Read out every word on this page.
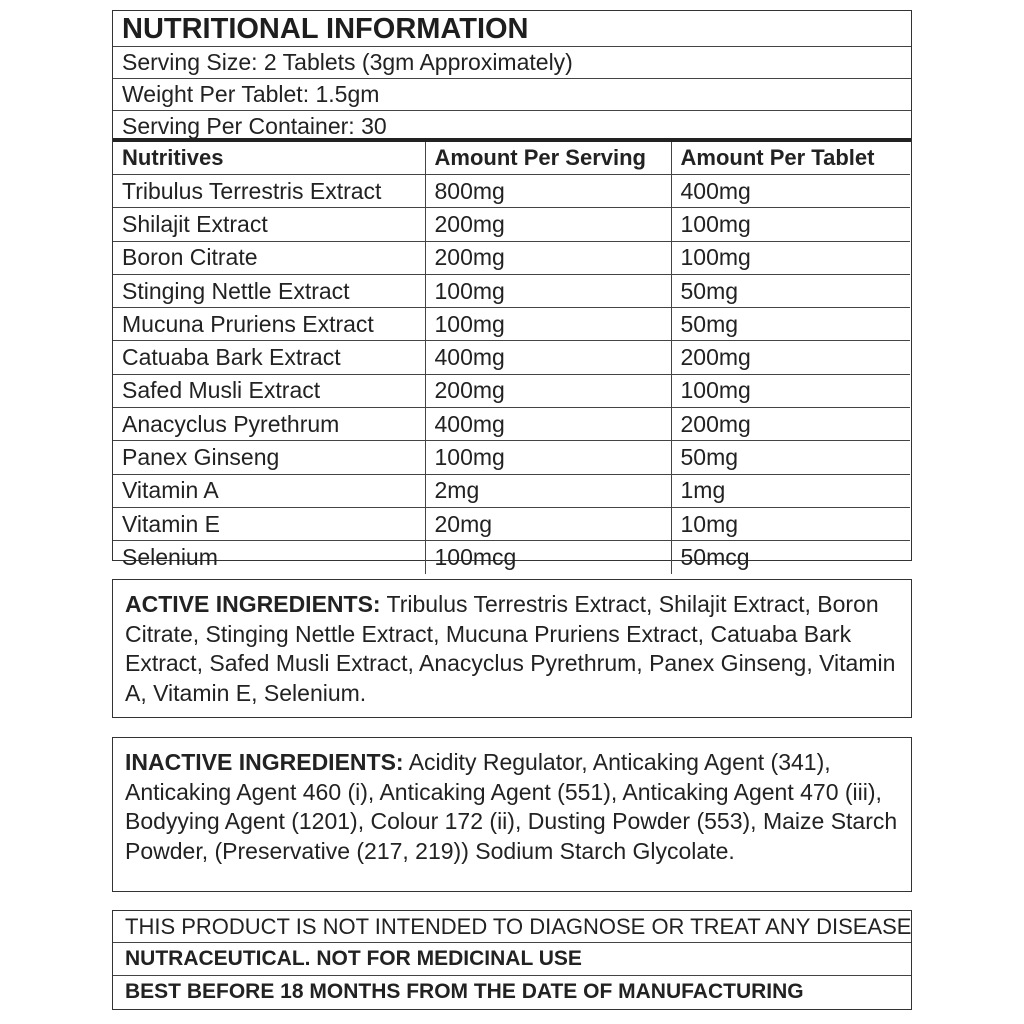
NUTRITIONAL INFORMATION
Serving Size: 2 Tablets (3gm Approximately)
Weight Per Tablet: 1.5gm
Serving Per Container: 30
Nutritives	Amount Per Serving	Amount Per Tablet
Tribulus Terrestris Extract	800mg	400mg
Shilajit Extract	200mg	100mg
Boron Citrate	200mg	100mg
Stinging Nettle Extract	100mg	50mg
Mucuna Pruriens Extract	100mg	50mg
Catuaba Bark Extract	400mg	200mg
Safed Musli Extract	200mg	100mg
Anacyclus Pyrethrum	400mg	200mg
Panex Ginseng	100mg	50mg
Vitamin A	2mg	1mg
Vitamin E	20mg	10mg
Selenium	100mcg	50mcg
ACTIVE INGREDIENTS: Tribulus Terrestris Extract, Shilajit Extract, Boron Citrate, Stinging Nettle Extract, Mucuna Pruriens Extract, Catuaba Bark Extract, Safed Musli Extract, Anacyclus Pyrethrum, Panex Ginseng, Vitamin A, Vitamin E, Selenium.
INACTIVE INGREDIENTS: Acidity Regulator, Anticaking Agent (341), Anticaking Agent 460 (i), Anticaking Agent (551), Anticaking Agent 470 (iii), Bodyying Agent (1201), Colour 172 (ii), Dusting Powder (553), Maize Starch Powder, (Preservative (217, 219)) Sodium Starch Glycolate.
THIS PRODUCT IS NOT INTENDED TO DIAGNOSE OR TREAT ANY DISEASE
NUTRACEUTICAL. NOT FOR MEDICINAL USE
BEST BEFORE 18 MONTHS FROM THE DATE OF MANUFACTURING
